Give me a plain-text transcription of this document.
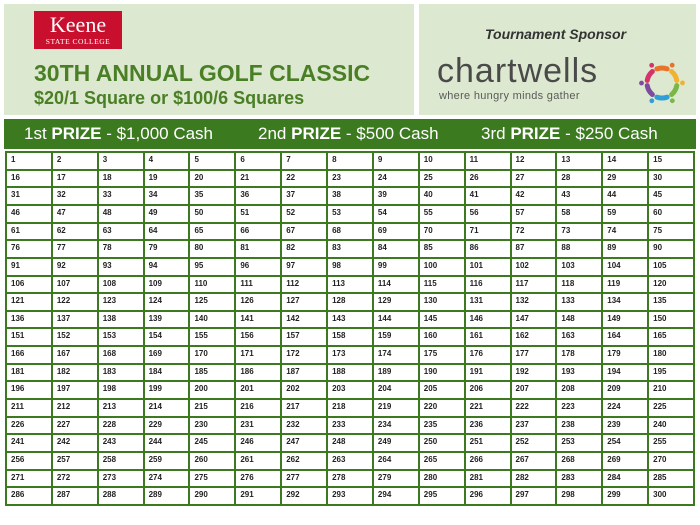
Keene
STATE COLLEGE
30TH ANNUAL GOLF CLASSIC
$20/1 Square or $100/6 Squares
Tournament Sponsor
chartwells
where hungry minds gather
1st PRIZE - $1,000 Cash	2nd PRIZE - $500 Cash 3rd PRIZE - $250 Cash
1	2	3	4	5	6	7	8	9	10	11	12	13	14	15
16	17	18	19	20	21	22	23	24	25	26	27	28	29	30
31	32	33	34	35	36	37	38	39	40	41	42	43	44	45
46	47	48	49	50	51	52	53	54	55	56	57	58	59	60
61	62	63	64	65	66	67	68	69	70	71	72	73	74	75
76	77	78	79	80	81	82	83	84	85	86	87	88	89	90
91	92	93	94	95	96	97	98	99	100	101	102	103	104	105
106	107	108	109	110	111	112	113	114	115	116	117	118	119	120
121	122	123	124	125	126	127	128	129	130	131	132	133	134	135
136	137	138	139	140	141	142	143	144	145	146	147	148	149	150
151	152	153	154	155	156	157	158	159	160	161	162	163	164	165
166	167	168	169	170	171	172	173	174	175	176	177	178	179	180
181	182	183	184	185	186	187	188	189	190	191	192	193	194	195
196	197	198	199	200	201	202	203	204	205	206	207	208	209	210
211	212	213	214	215	216	217	218	219	220	221	222	223	224	225
226	227	228	229	230	231	232	233	234	235	236	237	238	239	240
241	242	243	244	245	246	247	248	249	250	251	252	253	254	255
256	257	258	259	260	261	262	263	264	265	266	267	268	269	270
271	272	273	274	275	276	277	278	279	280	281	282	283	284	285
286	287	288	289	290	291	292	293	294	295	296	297	298	299	300
